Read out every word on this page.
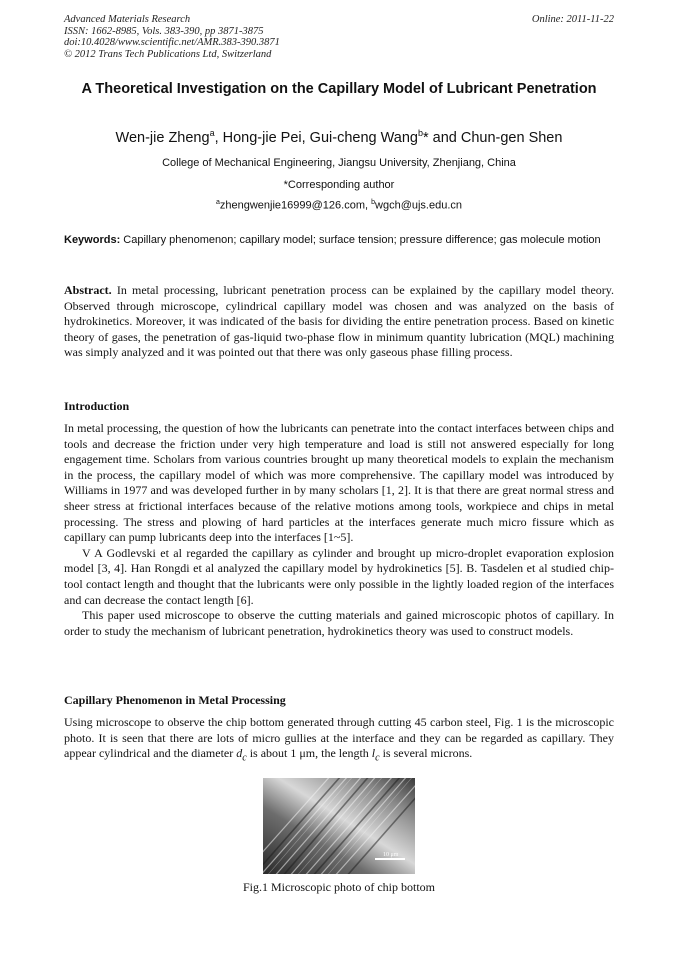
Advanced Materials Research
ISSN: 1662-8985, Vols. 383-390, pp 3871-3875
doi:10.4028/www.scientific.net/AMR.383-390.3871
© 2012 Trans Tech Publications Ltd, Switzerland
Online: 2011-11-22
A Theoretical Investigation on the Capillary Model of Lubricant Penetration
Wen-jie Zheng$^a$, Hong-jie Pei, Gui-cheng Wang$^b$* and Chun-gen Shen
College of Mechanical Engineering, Jiangsu University, Zhenjiang, China
*Corresponding author
$^a$zhengwenjie16999@126.com, $^b$wgch@ujs.edu.cn
Keywords: Capillary phenomenon; capillary model; surface tension; pressure difference; gas molecule motion
Abstract. In metal processing, lubricant penetration process can be explained by the capillary model theory. Observed through microscope, cylindrical capillary model was chosen and was analyzed on the basis of hydrokinetics. Moreover, it was indicated of the basis for dividing the entire penetration process. Based on kinetic theory of gases, the penetration of gas-liquid two-phase flow in minimum quantity lubrication (MQL) machining was simply analyzed and it was pointed out that there was only gaseous phase filling process.
Introduction

In metal processing, the question of how the lubricants can penetrate into the contact interfaces between chips and tools and decrease the friction under very high temperature and load is still not answered especially for long engagement time. Scholars from various countries brought up many theoretical models to explain the mechanism in the process, the capillary model of which was more comprehensive. The capillary model was introduced by Williams in 1977 and was developed further in by many scholars [1, 2]. It is that there are great normal stress and sheer stress at frictional interfaces because of the relative motions among tools, workpiece and chips in metal processing. The stress and plowing of hard particles at the interfaces generate much micro fissure which as capillary can pump lubricants deep into the interfaces [1~5].

V A Godlevski et al regarded the capillary as cylinder and brought up micro-droplet evaporation explosion model [3, 4]. Han Rongdi et al analyzed the capillary model by hydrokinetics [5]. B. Tasdelen et al studied chip-tool contact length and thought that the lubricants were only possible in the lightly loaded region of the interfaces and can decrease the contact length [6].

This paper used microscope to observe the cutting materials and gained microscopic photos of capillary. In order to study the mechanism of lubricant penetration, hydrokinetics theory was used to construct models.

Capillary Phenomenon in Metal Processing
Using microscope to observe the chip bottom generated through cutting 45 carbon steel, Fig. 1 is the microscopic photo. It is seen that there are lots of micro gullies at the interface and they can be regarded as capillary. They appear cylindrical and the diameter $d_c$ is about 1 μm, the length $l_c$ is several microns.
10 μm
Fig.1 Microscopic photo of chip bottom
